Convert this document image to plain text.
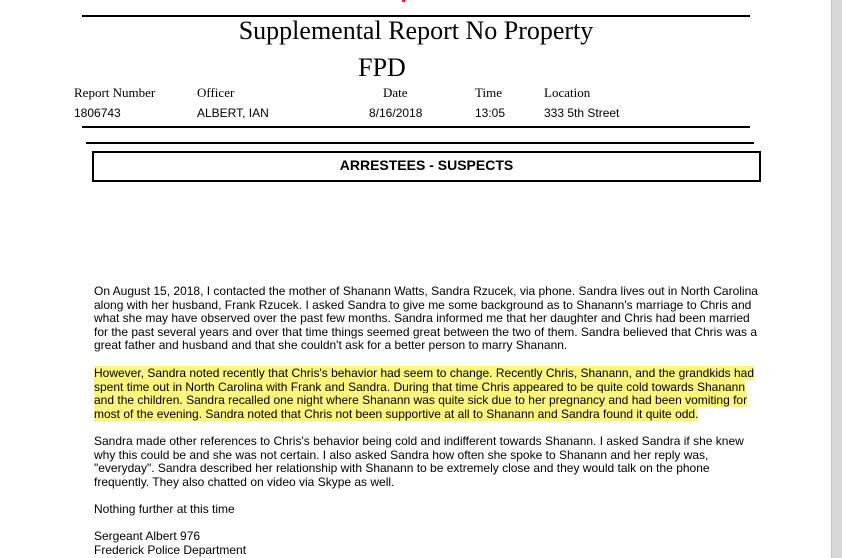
Supplemental Report No Property
FPD
Report Number	Officer	Date	Time	Location
1806743	ALBERT, IAN	8/16/2018	13:05	333 5th Street
ARRESTEES - SUSPECTS
On August 15, 2018, I contacted the mother of Shanann Watts, Sandra Rzucek, via phone. Sandra lives out in North Carolina along with her husband, Frank Rzucek. I asked Sandra to give me some background as to Shanann's marriage to Chris and what she may have observed over the past few months. Sandra informed me that her daughter and Chris had been married for the past several years and over that time things seemed great between the two of them. Sandra believed that Chris was a great father and husband and that she couldn't ask for a better person to marry Shanann.
However, Sandra noted recently that Chris's behavior had seem to change. Recently Chris, Shanann, and the grandkids had spent time out in North Carolina with Frank and Sandra. During that time Chris appeared to be quite cold towards Shanann and the children. Sandra recalled one night where Shanann was quite sick due to her pregnancy and had been vomiting for most of the evening. Sandra noted that Chris not been supportive at all to Shanann and Sandra found it quite odd.
Sandra made other references to Chris's behavior being cold and indifferent towards Shanann. I asked Sandra if she knew why this could be and she was not certain. I also asked Sandra how often she spoke to Shanann and her reply was, "everyday". Sandra described her relationship with Shanann to be extremely close and they would talk on the phone frequently. They also chatted on video via Skype as well.
Nothing further at this time
Sergeant Albert 976
Frederick Police Department
